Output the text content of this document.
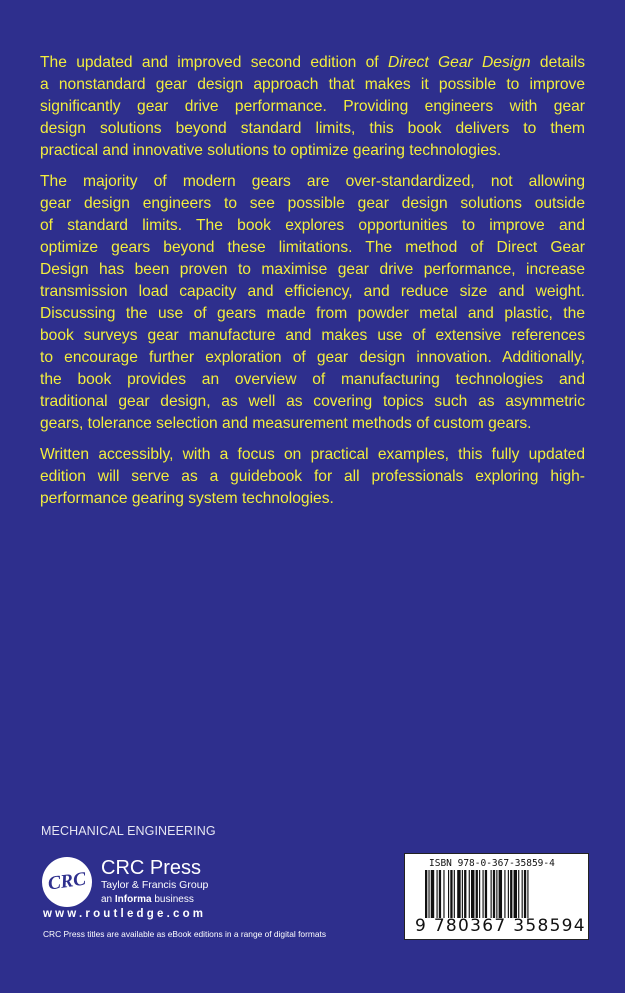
The updated and improved second edition of Direct Gear Design details
a nonstandard gear design approach that makes it possible to improve
significantly gear drive performance. Providing engineers with gear
design solutions beyond standard limits, this book delivers to them
practical and innovative solutions to optimize gearing technologies.
The majority of modern gears are over-standardized, not allowing
gear design engineers to see possible gear design solutions outside
of standard limits. The book explores opportunities to improve and
optimize gears beyond these limitations. The method of Direct Gear
Design has been proven to maximise gear drive performance, increase
transmission load capacity and efficiency, and reduce size and weight.
Discussing the use of gears made from powder metal and plastic, the
book surveys gear manufacture and makes use of extensive references
to encourage further exploration of gear design innovation. Additionally,
the book provides an overview of manufacturing technologies and
traditional gear design, as well as covering topics such as asymmetric
gears, tolerance selection and measurement methods of custom gears.
Written accessibly, with a focus on practical examples, this fully updated
edition will serve as a guidebook for all professionals exploring high-
performance gearing system technologies.
MECHANICAL ENGINEERING
CRC
CRC Press
Taylor & Francis Group
an Informa business
www.routledge.com
CRC Press titles are available as eBook editions in a range of digital formats
ISBN 978-0-367-35859-4
9 780367 358594
